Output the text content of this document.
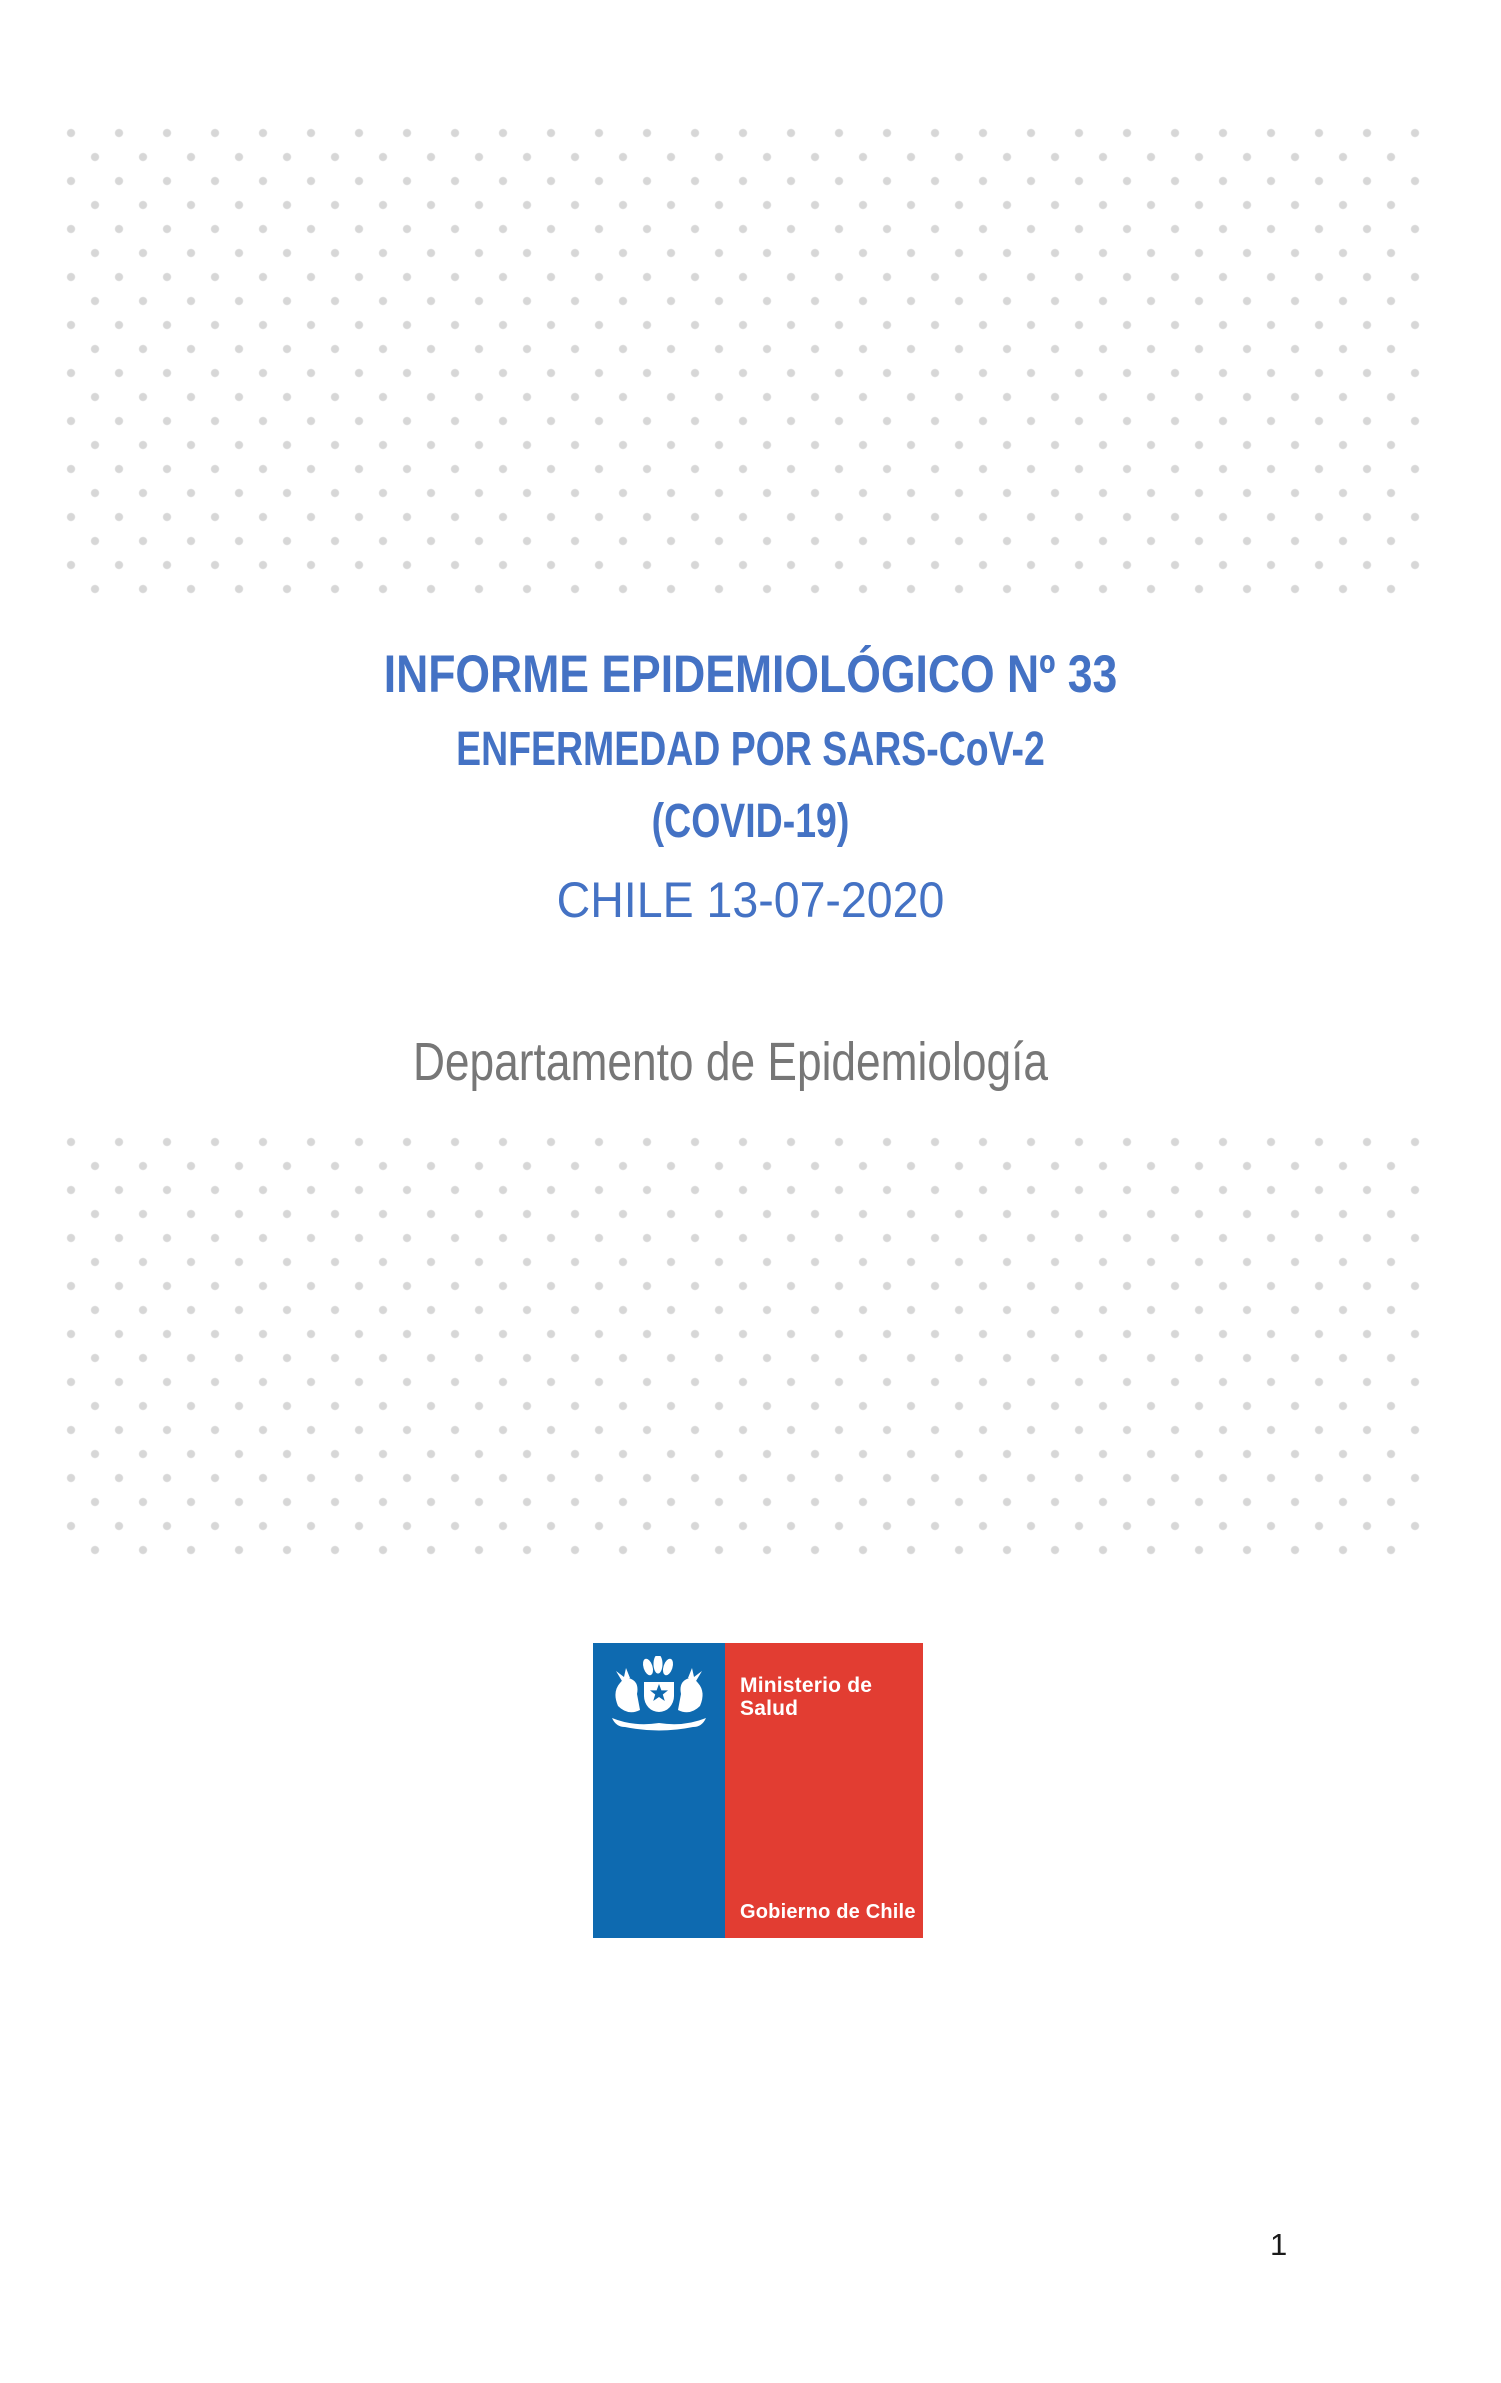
INFORME EPIDEMIOLÓGICO Nº 33
ENFERMEDAD POR SARS-CoV-2
(COVID-19)
CHILE 13-07-2020
Departamento de Epidemiología
Ministerio de
Salud
Gobierno de Chile
1
